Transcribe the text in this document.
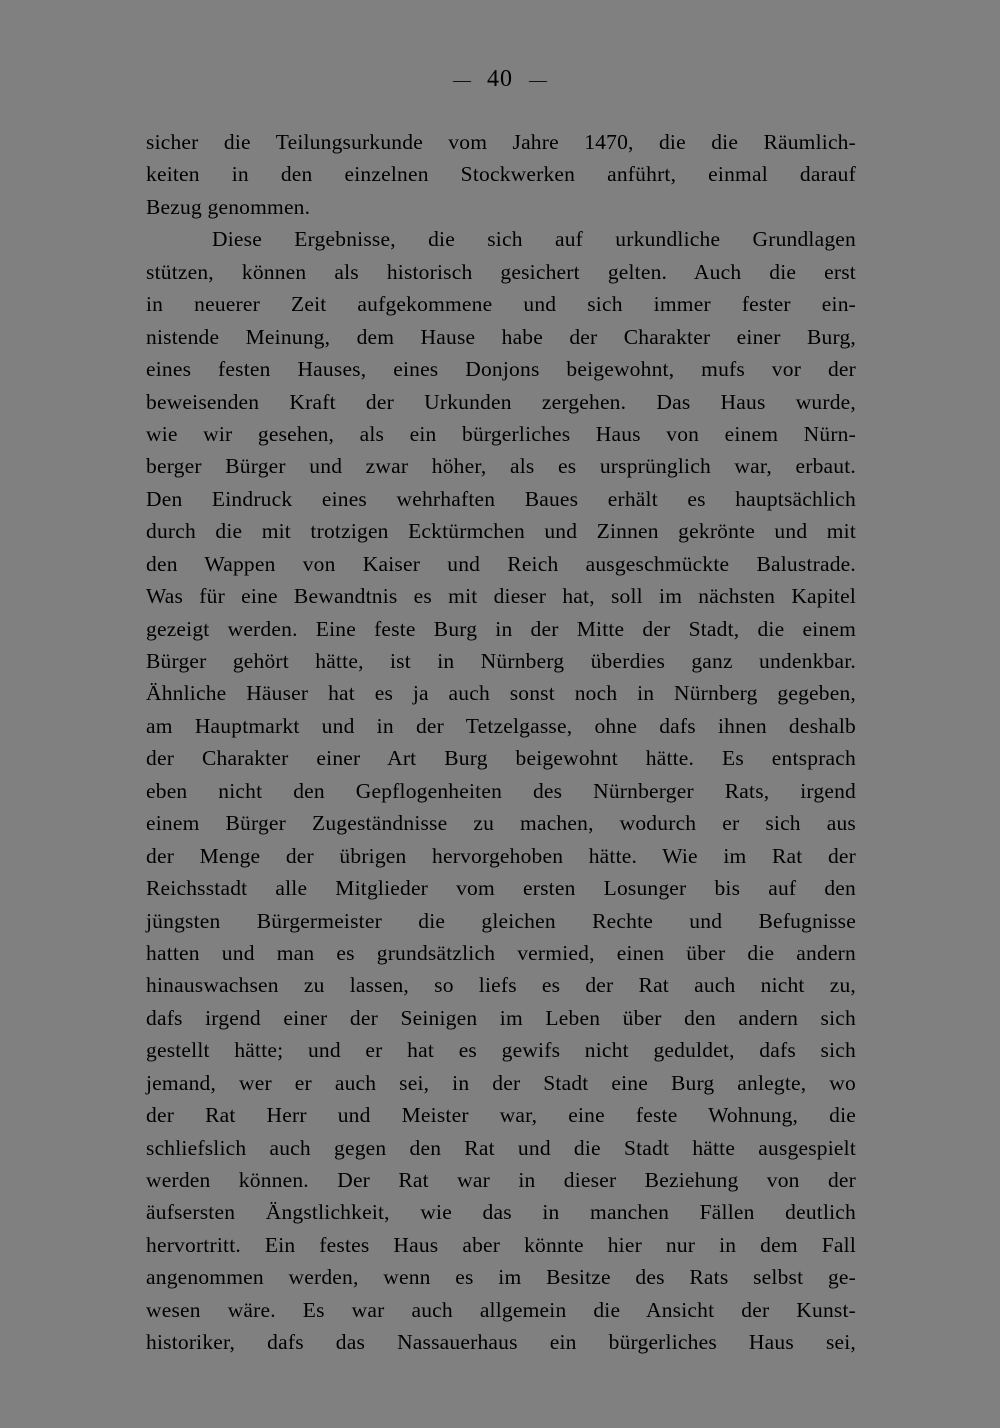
— 40 —
sicher die Teilungsurkunde vom Jahre 1470, die die Räumlich-
keiten in den einzelnen Stockwerken anführt, einmal darauf
Bezug genommen.
Diese Ergebnisse, die sich auf urkundliche Grundlagen
stützen, können als historisch gesichert gelten. Auch die erst
in neuerer Zeit aufgekommene und sich immer fester ein-
nistende Meinung, dem Hause habe der Charakter einer Burg,
eines festen Hauses, eines Donjons beigewohnt, mufs vor der
beweisenden Kraft der Urkunden zergehen. Das Haus wurde,
wie wir gesehen, als ein bürgerliches Haus von einem Nürn-
berger Bürger und zwar höher, als es ursprünglich war, erbaut.
Den Eindruck eines wehrhaften Baues erhält es hauptsächlich
durch die mit trotzigen Ecktürmchen und Zinnen gekrönte und mit
den Wappen von Kaiser und Reich ausgeschmückte Balustrade.
Was für eine Bewandtnis es mit dieser hat, soll im nächsten Kapitel
gezeigt werden. Eine feste Burg in der Mitte der Stadt, die einem
Bürger gehört hätte, ist in Nürnberg überdies ganz undenkbar.
Ähnliche Häuser hat es ja auch sonst noch in Nürnberg gegeben,
am Hauptmarkt und in der Tetzelgasse, ohne dafs ihnen deshalb
der Charakter einer Art Burg beigewohnt hätte. Es entsprach
eben nicht den Gepflogenheiten des Nürnberger Rats, irgend
einem Bürger Zugeständnisse zu machen, wodurch er sich aus
der Menge der übrigen hervorgehoben hätte. Wie im Rat der
Reichsstadt alle Mitglieder vom ersten Losunger bis auf den
jüngsten Bürgermeister die gleichen Rechte und Befugnisse
hatten und man es grundsätzlich vermied, einen über die andern
hinauswachsen zu lassen, so liefs es der Rat auch nicht zu,
dafs irgend einer der Seinigen im Leben über den andern sich
gestellt hätte; und er hat es gewifs nicht geduldet, dafs sich
jemand, wer er auch sei, in der Stadt eine Burg anlegte, wo
der Rat Herr und Meister war, eine feste Wohnung, die
schliefslich auch gegen den Rat und die Stadt hätte ausgespielt
werden können. Der Rat war in dieser Beziehung von der
äufsersten Ängstlichkeit, wie das in manchen Fällen deutlich
hervortritt. Ein festes Haus aber könnte hier nur in dem Fall
angenommen werden, wenn es im Besitze des Rats selbst ge-
wesen wäre. Es war auch allgemein die Ansicht der Kunst-
historiker, dafs das Nassauerhaus ein bürgerliches Haus sei,
